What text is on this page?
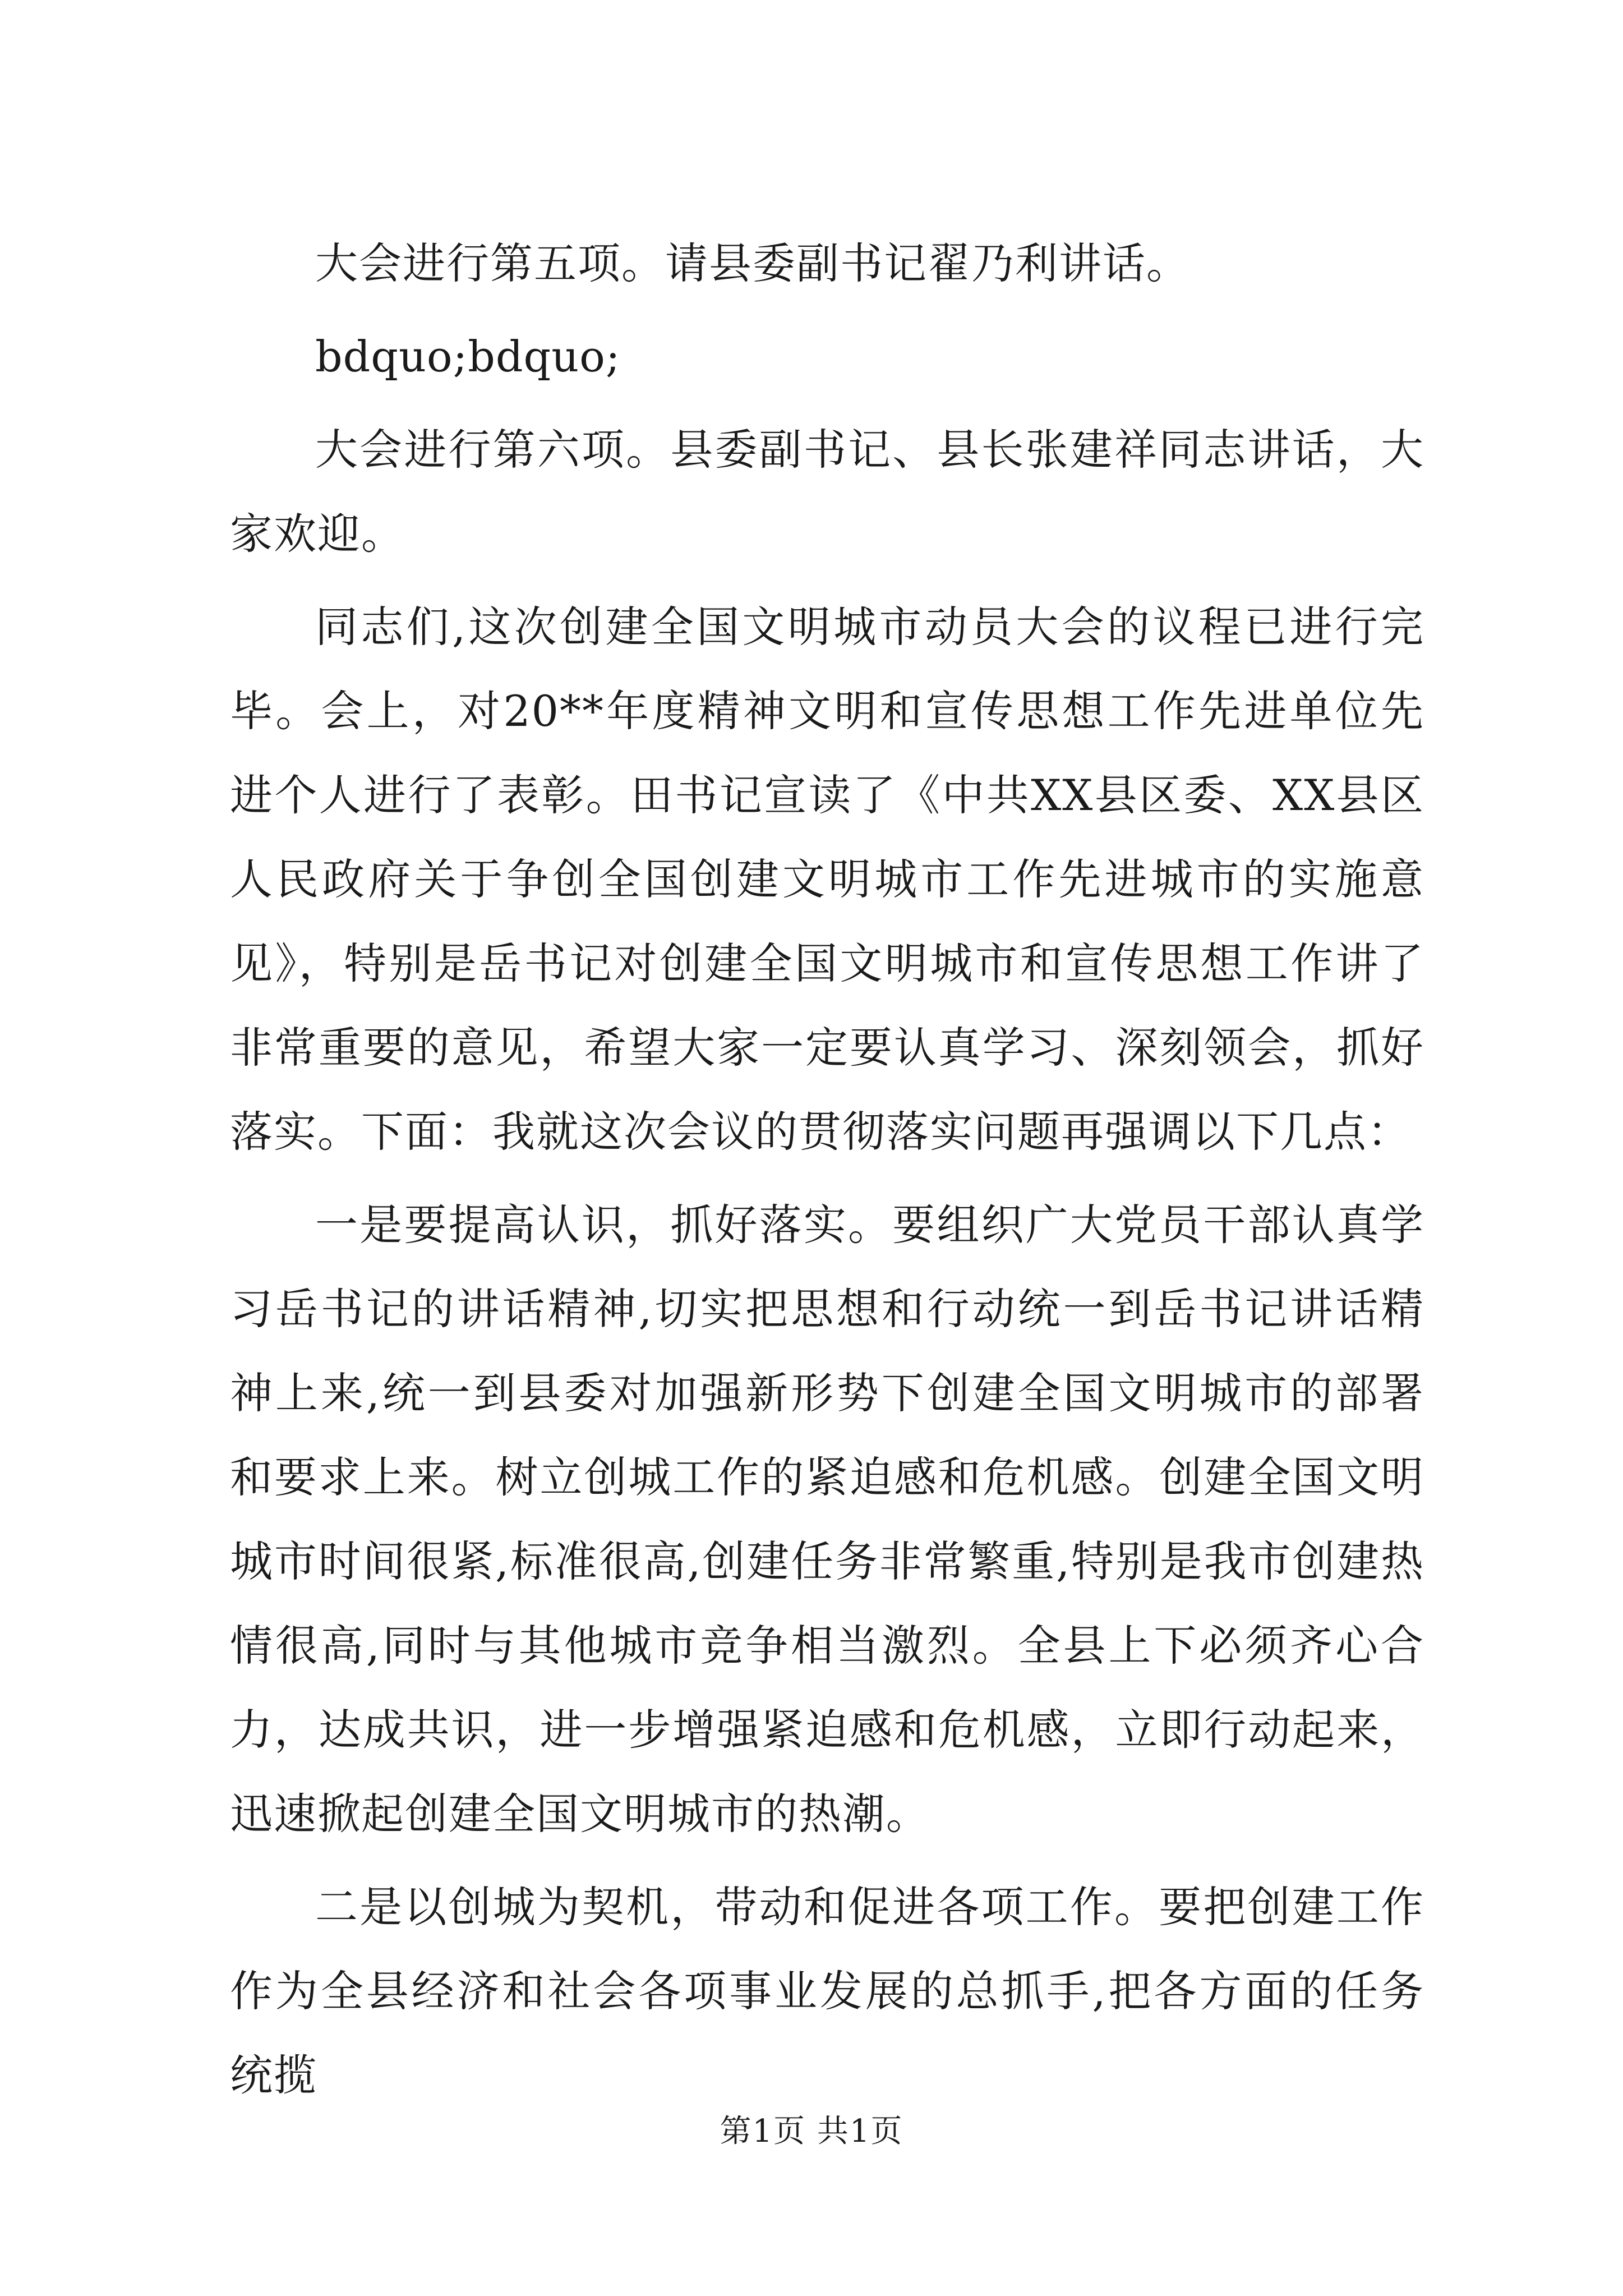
大会进行第五项。请县委副书记翟乃利讲话。

bdquo;bdquo;

大会进行第六项。县委副书记、县长张建祥同志讲话，大家欢迎。

同志们,这次创建全国文明城市动员大会的议程已进行完毕。会上，对20**年度精神文明和宣传思想工作先进单位先进个人进行了表彰。田书记宣读了《中共XX县区委、XX县区人民政府关于争创全国创建文明城市工作先进城市的实施意见》，特别是岳书记对创建全国文明城市和宣传思想工作讲了非常重要的意见，希望大家一定要认真学习、深刻领会，抓好落实。下面：我就这次会议的贯彻落实问题再强调以下几点：

一是要提高认识，抓好落实。要组织广大党员干部认真学习岳书记的讲话精神,切实把思想和行动统一到岳书记讲话精神上来,统一到县委对加强新形势下创建全国文明城市的部署和要求上来。树立创城工作的紧迫感和危机感。创建全国文明城市时间很紧,标准很高,创建任务非常繁重,特别是我市创建热情很高,同时与其他城市竞争相当激烈。全县上下必须齐心合力，达成共识，进一步增强紧迫感和危机感，立即行动起来，迅速掀起创建全国文明城市的热潮。

二是以创城为契机，带动和促进各项工作。要把创建工作作为全县经济和社会各项事业发展的总抓手,把各方面的任务统揽

第1页 共1页
